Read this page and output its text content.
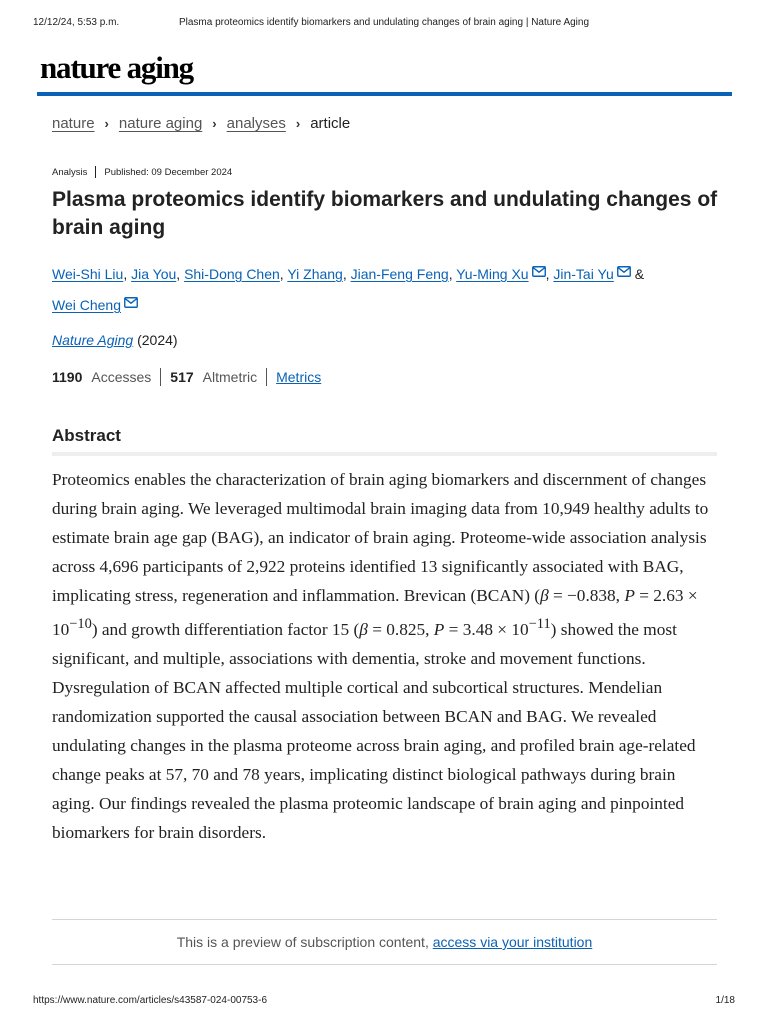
12/12/24, 5:53 p.m.	Plasma proteomics identify biomarkers and undulating changes of brain aging | Nature Aging
nature aging
nature › nature aging › analyses › article
Analysis Published: 09 December 2024
Plasma proteomics identify biomarkers and undulating changes of brain aging
Wei-Shi Liu, Jia You, Shi-Dong Chen, Yi Zhang, Jian-Feng Feng, Yu-Ming Xu , Jin-Tai Yu &
Wei Cheng
Nature Aging (2024)
1190 Accesses 517 Altmetric Metrics
Abstract

Proteomics enables the characterization of brain aging biomarkers and discernment of changes during brain aging. We leveraged multimodal brain imaging data from 10,949 healthy adults to estimate brain age gap (BAG), an indicator of brain aging. Proteome-wide association analysis across 4,696 participants of 2,922 proteins identified 13 significantly associated with BAG, implicating stress, regeneration and inflammation. Brevican (BCAN) (β = −0.838, $P = 2.63 \times 10^{-10}$) and growth differentiation factor 15 (β = 0.825, $P = 3.48 \times 10^{-11}$) showed the most significant, and multiple, associations with dementia, stroke and movement functions. Dysregulation of BCAN affected multiple cortical and subcortical structures. Mendelian randomization supported the causal association between BCAN and BAG. We revealed undulating changes in the plasma proteome across brain aging, and profiled brain age-related change peaks at 57, 70 and 78 years, implicating distinct biological pathways during brain aging. Our findings revealed the plasma proteomic landscape of brain aging and pinpointed biomarkers for brain disorders.

This is a preview of subscription content, access via your institution
https://www.nature.com/articles/s43587-024-00753-6	1/18
